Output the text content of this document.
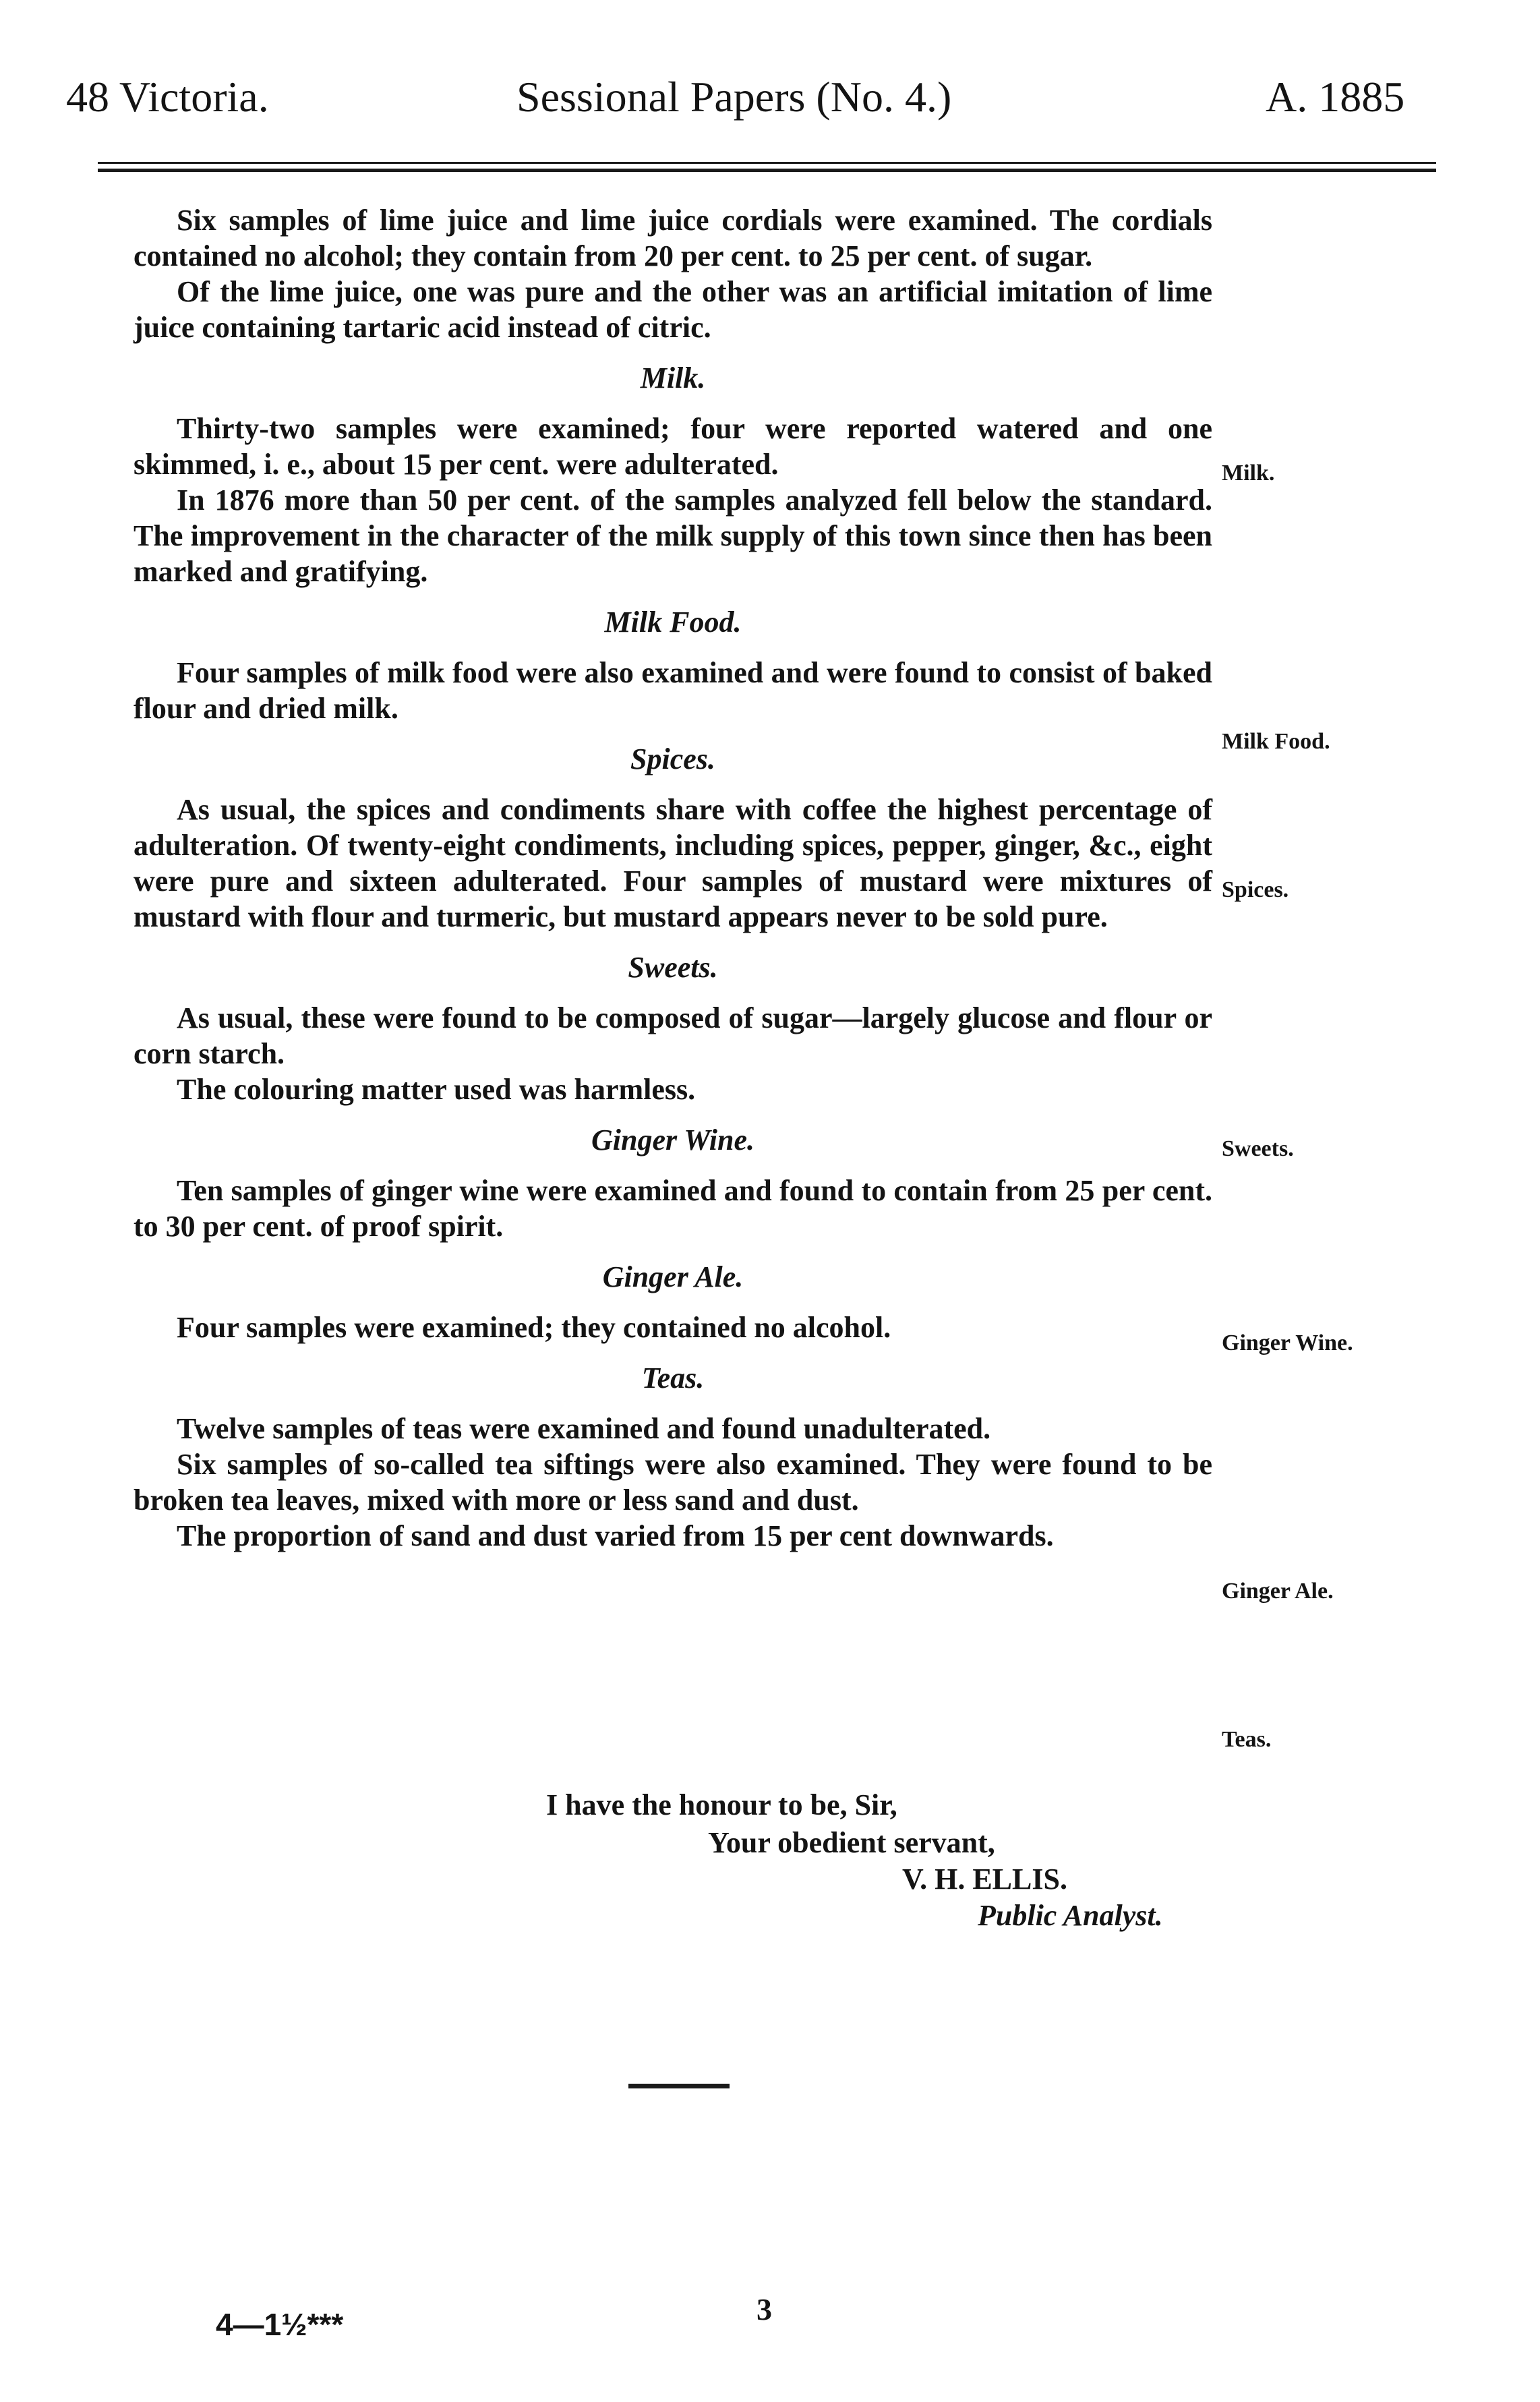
48 Victoria.	Sessional Papers (No. 4.)	A. 1885

Six samples of lime juice and lime juice cordials were examined. The cordials contained no alcohol; they contain from 20 per cent. to 25 per cent. of sugar.

Of the lime juice, one was pure and the other was an artificial imitation of lime juice containing tartaric acid instead of citric.

Milk.

Thirty-two samples were examined; four were reported watered and one skimmed, i. e., about 15 per cent. were adulterated.

In 1876 more than 50 per cent. of the samples analyzed fell below the standard. The improvement in the character of the milk supply of this town since then has been marked and gratifying.

Milk Food.

Four samples of milk food were also examined and were found to consist of baked flour and dried milk.

Spices.

As usual, the spices and condiments share with coffee the highest percentage of adulteration. Of twenty-eight condiments, including spices, pepper, ginger, &c., eight were pure and sixteen adulterated. Four samples of mustard were mixtures of mustard with flour and turmeric, but mustard appears never to be sold pure.

Sweets.

As usual, these were found to be composed of sugar—largely glucose and flour or corn starch.

The colouring matter used was harmless.

Ginger Wine.

Ten samples of ginger wine were examined and found to contain from 25 per cent. to 30 per cent. of proof spirit.

Ginger Ale.

Four samples were examined; they contained no alcohol.

Teas.

Twelve samples of teas were examined and found unadulterated.

Six samples of so-called tea siftings were also examined. They were found to be broken tea leaves, mixed with more or less sand and dust.

The proportion of sand and dust varied from 15 per cent downwards.

Milk.
Milk Food.
Spices.
Sweets.
Ginger Wine.
Ginger Ale.
Teas.
I have the honour to be, Sir,
Your obedient servant,
V. H. ELLIS.
Public Analyst.
3
4—1½***
